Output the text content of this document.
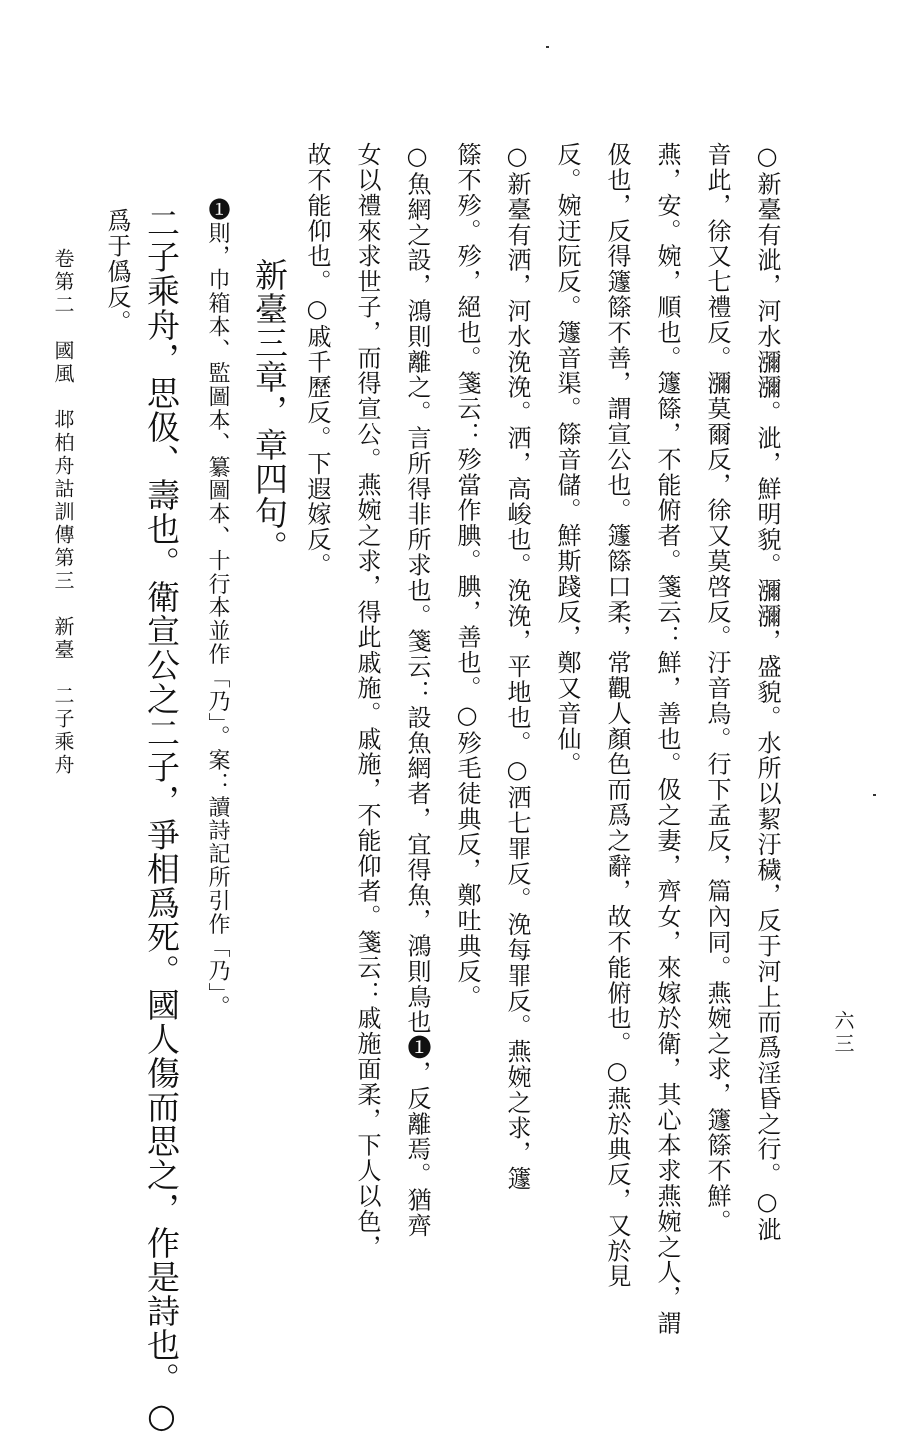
六三
○新臺有泚，河水瀰瀰。泚，鮮明貌。瀰瀰，盛貌。水所以絜汙穢，反于河上而爲淫昏之行。○泚
音此，徐又七禮反。瀰莫爾反，徐又莫啓反。汙音烏。行下孟反，篇內同。燕婉之求，籧篨不鮮。
燕，安。婉，順也。籧篨，不能俯者。箋云：鮮，善也。伋之妻，齊女，來嫁於衛，其心本求燕婉之人，謂
伋也，反得籧篨不善，謂宣公也。籧篨口柔，常觀人顏色而爲之辭，故不能俯也。○燕於典反，又於見
反。婉迂阮反。籧音渠。篨音儲。鮮斯踐反，鄭又音仙。
○新臺有洒，河水浼浼。洒，高峻也。浼浼，平地也。○洒七罪反。浼每罪反。燕婉之求，籧
篨不殄。殄，絕也。箋云：殄當作腆。腆，善也。○殄毛徒典反，鄭吐典反。
○魚網之設，鴻則離之。言所得非所求也。箋云：設魚網者，宜得魚，鴻則鳥也❶，反離焉。猶齊
女以禮來求世子，而得宣公。燕婉之求，得此戚施。戚施，不能仰者。箋云：戚施面柔，下人以色，
故不能仰也。○戚千歷反。下遐嫁反。
新臺三章，章四句。
❶則，巾箱本、監圖本、纂圖本、十行本並作「乃」。案：讀詩記所引作「乃」。
二子乘舟，思伋、壽也。衛宣公之二子，爭相爲死。國人傷而思之，作是詩也。○
爲于僞反。
卷第二　國風　邶柏舟詁訓傳第三　新臺　二子乘舟
